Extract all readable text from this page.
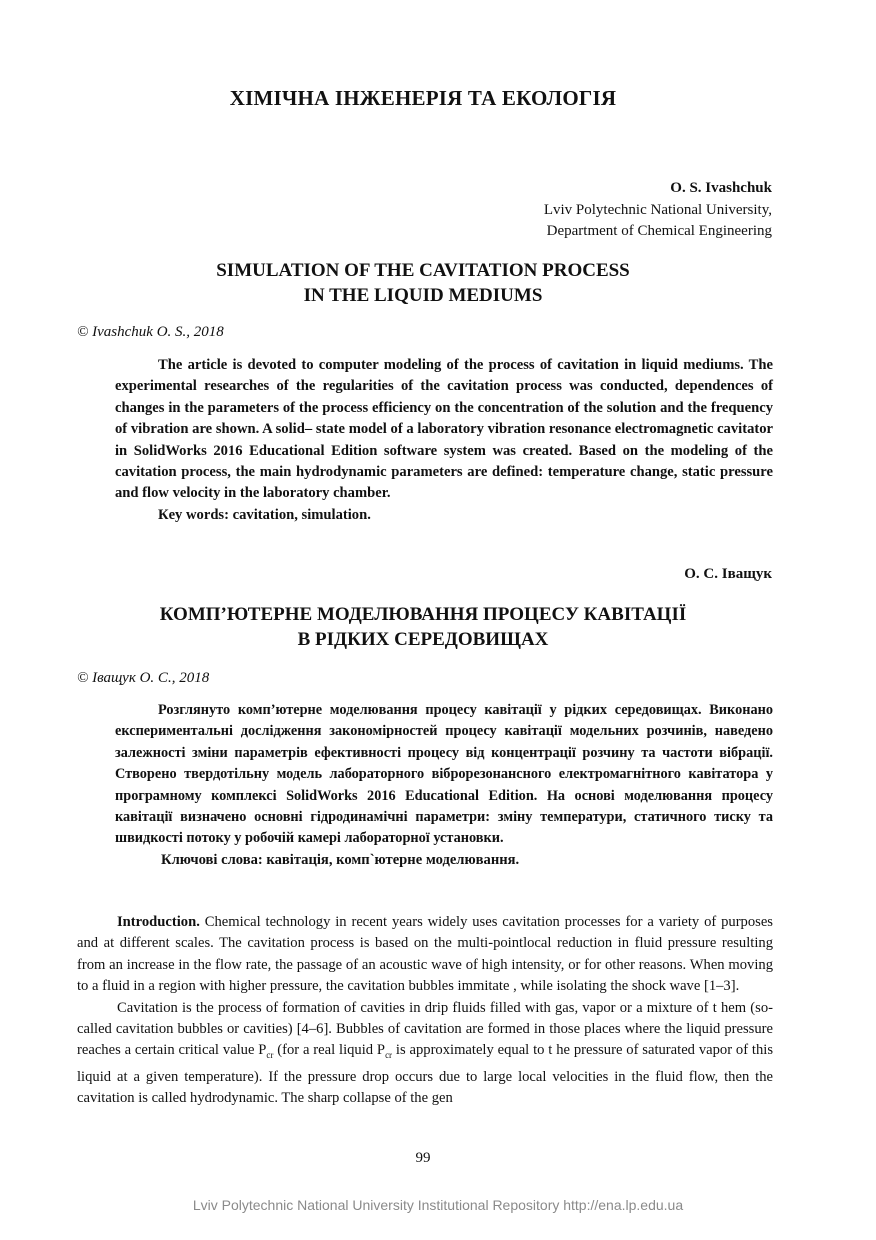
ХІМІЧНА ІНЖЕНЕРІЯ ТА ЕКОЛОГІЯ
O. S. Ivashchuk
Lviv Polytechnic National University,
Department of Chemical Engineering
SIMULATION OF THE CAVITATION PROCESS
IN THE LIQUID MEDIUMS
© Ivashchuk O. S., 2018

The article is devoted to computer modeling of the process of cavitation in liquid mediums. The experimental researches of the regularities of the cavitation process was conducted, dependences of changes in the parameters of the process efficiency on the concentration of the solution and the frequency of vibration are shown. A solid– state model of a laboratory vibration resonance electromagnetic cavitator in SolidWorks 2016 Educational Edition software system was created. Based on the modeling of the cavitation process, the main hydrodynamic parameters are defined: temperature change, static pressure and flow velocity in the laboratory chamber.

Кey words: cavitation, simulation.

О. С. Іващук
КОМП’ЮТЕРНЕ МОДЕЛЮВАННЯ ПРОЦЕСУ КАВІТАЦІЇ
В РІДКИХ СЕРЕДОВИЩАХ
© Іващук О. С., 2018

Розглянуто комп’ютерне моделювання процесу кавітації у рідких середовищах. Виконано експериментальні дослідження закономірностей процесу кавітації модельних розчинів, наведено залежності зміни параметрів ефективності процесу від концентрації розчину та частоти вібрації. Створено твердотільну модель лабораторного віброрезонансного електромагнітного кавітатора у програмному комплексі SolidWorks 2016 Educational Edition. На основі моделювання процесу кавітації визначено основні гідродинамічні параметри: зміну температури, статичного тиску та швидкості потоку у робочій камері лабораторної установки.

Ключові слова: кавітація, комп`ютерне моделювання.

Introduction. Chemical technology in recent years widely uses cavitation processes for a variety of purposes and at different scales. The cavitation process is based on the multi-pointlocal reduction in fluid pressure resulting from an increase in the flow rate, the passage of an acoustic wave of high intensity, or for other reasons. When moving to a fluid in a region with higher pressure, the cavitation bubbles immitate , while isolating the shock wave [1–3].

Cavitation is the process of formation of cavities in drip fluids filled with gas, vapor or a mixture of t hem (so-called cavitation bubbles or cavities) [4–6]. Bubbles of cavitation are formed in those places where the liquid pressure reaches a certain critical value $P_{cr}$ (for a real liquid $P_{cr}$ is approximately equal to t he pressure of saturated vapor of this liquid at a given temperature). If the pressure drop occurs due to large local velocities in the fluid flow, then the cavitation is called hydrodynamic. The sharp collapse of the gen

99
Lviv Polytechnic National University Institutional Repository http://ena.lp.edu.ua
